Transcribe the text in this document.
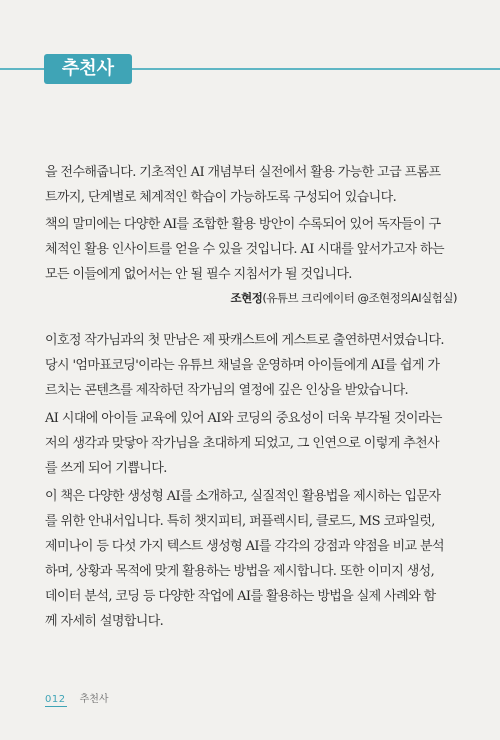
추천사

을 전수해줍니다. 기초적인 AI 개념부터 실전에서 활용 가능한 고급 프롬프
트까지, 단계별로 체계적인 학습이 가능하도록 구성되어 있습니다.

책의 말미에는 다양한 AI를 조합한 활용 방안이 수록되어 있어 독자들이 구
체적인 활용 인사이트를 얻을 수 있을 것입니다. AI 시대를 앞서가고자 하는
모든 이들에게 없어서는 안 될 필수 지침서가 될 것입니다.

조현정(유튜브 크리에이터 @조현정의AI실험실)

이호정 작가님과의 첫 만남은 제 팟캐스트에 게스트로 출연하면서였습니다.
당시 '엄마표코딩'이라는 유튜브 채널을 운영하며 아이들에게 AI를 쉽게 가
르치는 콘텐츠를 제작하던 작가님의 열정에 깊은 인상을 받았습니다.

AI 시대에 아이들 교육에 있어 AI와 코딩의 중요성이 더욱 부각될 것이라는
저의 생각과 맞닿아 작가님을 초대하게 되었고, 그 인연으로 이렇게 추천사
를 쓰게 되어 기쁩니다.

이 책은 다양한 생성형 AI를 소개하고, 실질적인 활용법을 제시하는 입문자
를 위한 안내서입니다. 특히 챗지피티, 퍼플렉시티, 클로드, MS 코파일럿,
제미나이 등 다섯 가지 텍스트 생성형 AI를 각각의 강점과 약점을 비교 분석
하며, 상황과 목적에 맞게 활용하는 방법을 제시합니다. 또한 이미지 생성,
데이터 분석, 코딩 등 다양한 작업에 AI를 활용하는 방법을 실제 사례와 함
께 자세히 설명합니다.

012 추천사
